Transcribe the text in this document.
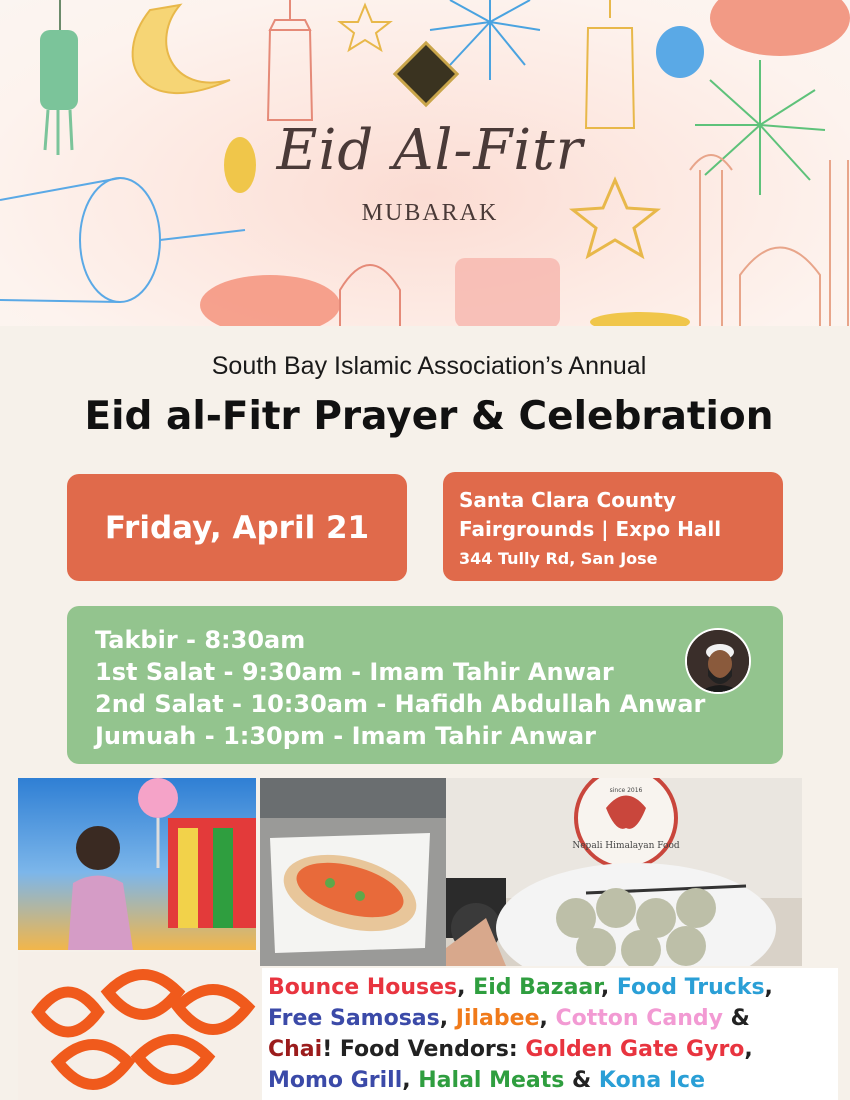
Eid Al-Fitr
MUBARAK
South Bay Islamic Association’s Annual
Eid al-Fitr Prayer & Celebration
Friday, April 21
Santa Clara County
Fairgrounds | Expo Hall
344 Tully Rd, San Jose
Takbir - 8:30am
1st Salat - 9:30am - Imam Tahir Anwar
2nd Salat - 10:30am - Hafidh Abdullah Anwar
Jumuah - 1:30pm - Imam Tahir Anwar
Nepali Himalayan Food
since 2016
Bounce Houses, Eid Bazaar, Food Trucks,
Free Samosas, Jilabee, Cotton Candy &
Chai! Food Vendors: Golden Gate Gyro,
Momo Grill, Halal Meats & Kona Ice
